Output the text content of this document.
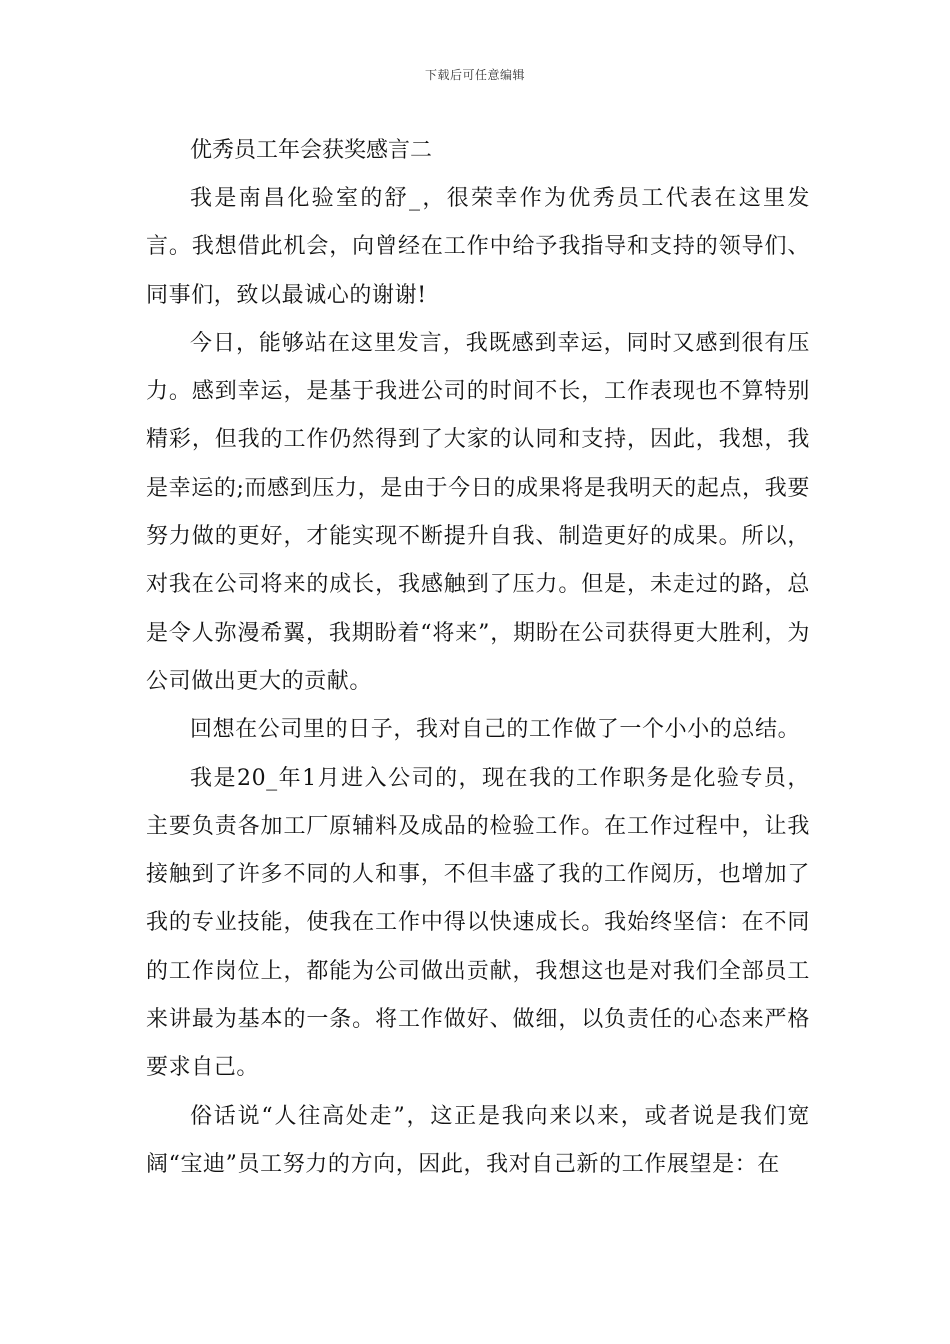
下载后可任意编辑
优秀员工年会获奖感言二

我是南昌化验室的舒_，很荣幸作为优秀员工代表在这里发言。我想借此机会，向曾经在工作中给予我指导和支持的领导们、同事们，致以最诚心的谢谢!

今日，能够站在这里发言，我既感到幸运，同时又感到很有压力。感到幸运，是基于我进公司的时间不长，工作表现也不算特别精彩，但我的工作仍然得到了大家的认同和支持，因此，我想，我是幸运的;而感到压力，是由于今日的成果将是我明天的起点，我要努力做的更好，才能实现不断提升自我、制造更好的成果。所以，对我在公司将来的成长，我感触到了压力。但是，未走过的路，总是令人弥漫希翼，我期盼着“将来”，期盼在公司获得更大胜利，为公司做出更大的贡献。

回想在公司里的日子，我对自己的工作做了一个小小的总结。

我是20_年1月进入公司的，现在我的工作职务是化验专员，主要负责各加工厂原辅料及成品的检验工作。在工作过程中，让我接触到了许多不同的人和事，不但丰盛了我的工作阅历，也增加了我的专业技能，使我在工作中得以快速成长。我始终坚信：在不同的工作岗位上，都能为公司做出贡献，我想这也是对我们全部员工来讲最为基本的一条。将工作做好、做细，以负责任的心态来严格要求自己。

俗话说“人往高处走”，这正是我向来以来，或者说是我们宽阔“宝迪”员工努力的方向，因此，我对自己新的工作展望是：在
